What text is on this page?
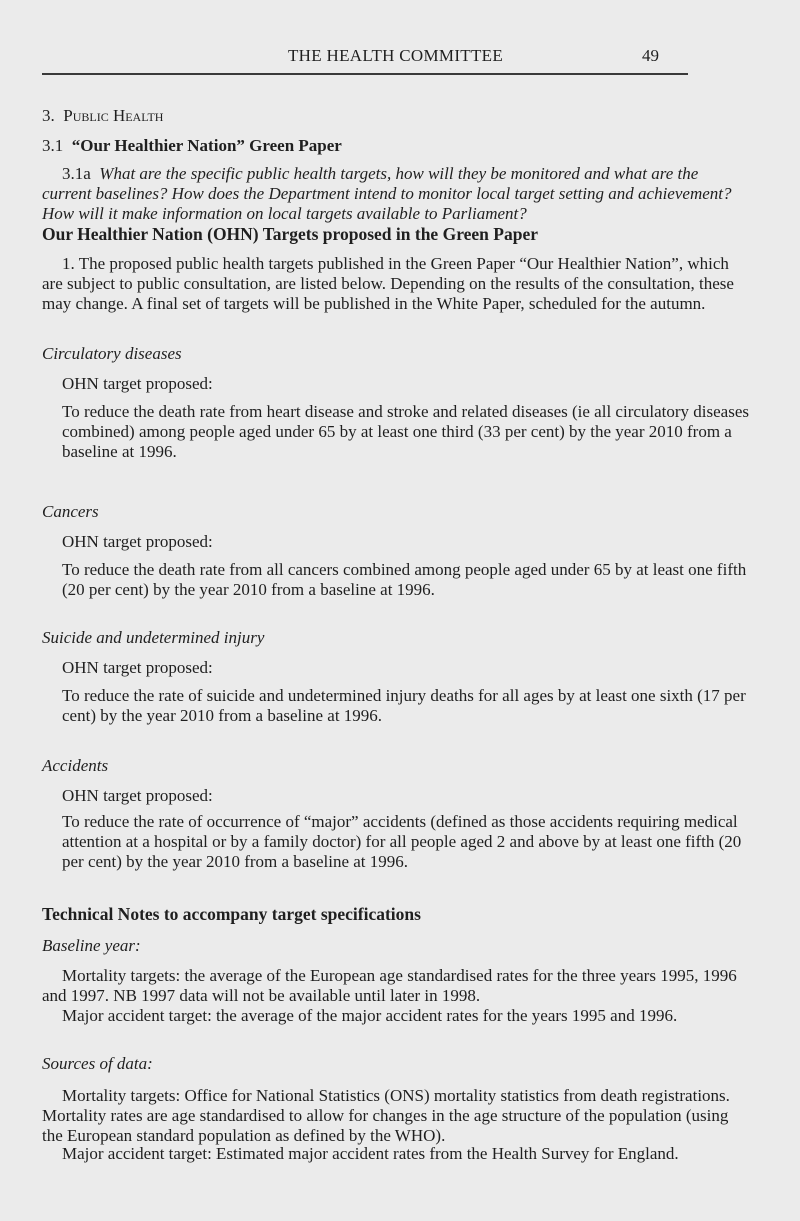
THE HEALTH COMMITTEE	49
3. Public Health
3.1 “Our Healthier Nation” Green Paper
3.1a What are the specific public health targets, how will they be monitored and what are the current baselines? How does the Department intend to monitor local target setting and achievement? How will it make information on local targets available to Parliament?
Our Healthier Nation (OHN) Targets proposed in the Green Paper
1. The proposed public health targets published in the Green Paper “Our Healthier Nation”, which are subject to public consultation, are listed below. Depending on the results of the consultation, these may change. A final set of targets will be published in the White Paper, scheduled for the autumn.
Circulatory diseases
OHN target proposed:
To reduce the death rate from heart disease and stroke and related diseases (ie all circulatory diseases combined) among people aged under 65 by at least one third (33 per cent) by the year 2010 from a baseline at 1996.
Cancers
OHN target proposed:
To reduce the death rate from all cancers combined among people aged under 65 by at least one fifth (20 per cent) by the year 2010 from a baseline at 1996.
Suicide and undetermined injury
OHN target proposed:
To reduce the rate of suicide and undetermined injury deaths for all ages by at least one sixth (17 per cent) by the year 2010 from a baseline at 1996.
Accidents
OHN target proposed:
To reduce the rate of occurrence of “major” accidents (defined as those accidents requiring medical attention at a hospital or by a family doctor) for all people aged 2 and above by at least one fifth (20 per cent) by the year 2010 from a baseline at 1996.
Technical Notes to accompany target specifications
Baseline year:
Mortality targets: the average of the European age standardised rates for the three years 1995, 1996 and 1997. NB 1997 data will not be available until later in 1998.
Major accident target: the average of the major accident rates for the years 1995 and 1996.
Sources of data:
Mortality targets: Office for National Statistics (ONS) mortality statistics from death registrations. Mortality rates are age standardised to allow for changes in the age structure of the population (using the European standard population as defined by the WHO).
Major accident target: Estimated major accident rates from the Health Survey for England.
